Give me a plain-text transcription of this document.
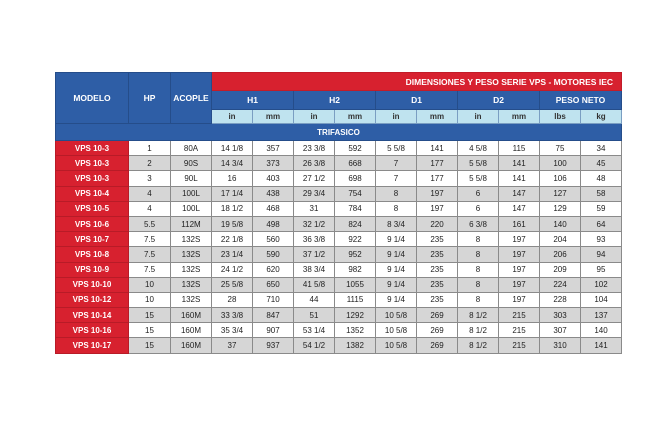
MODELO	HP	ACOPLE	DIMENSIONES Y PESO SERIE VPS - MOTORES IEC									
			H1		H2		D1		D2		PESO NETO	
			in	mm	in	mm	in	mm	in	mm	lbs	kg
TRIFASICO												
VPS 10-3	1	80A	14 1/8	357	23 3/8	592	5 5/8	141	4 5/8	115	75	34
VPS 10-3	2	90S	14 3/4	373	26 3/8	668	7	177	5 5/8	141	100	45
VPS 10-3	3	90L	16	403	27 1/2	698	7	177	5 5/8	141	106	48
VPS 10-4	4	100L	17 1/4	438	29 3/4	754	8	197	6	147	127	58
VPS 10-5	4	100L	18 1/2	468	31	784	8	197	6	147	129	59
VPS 10-6	5.5	112M	19 5/8	498	32 1/2	824	8 3/4	220	6 3/8	161	140	64
VPS 10-7	7.5	132S	22 1/8	560	36 3/8	922	9 1/4	235	8	197	204	93
VPS 10-8	7.5	132S	23 1/4	590	37 1/2	952	9 1/4	235	8	197	206	94
VPS 10-9	7.5	132S	24 1/2	620	38 3/4	982	9 1/4	235	8	197	209	95
VPS 10-10	10	132S	25 5/8	650	41 5/8	1055	9 1/4	235	8	197	224	102
VPS 10-12	10	132S	28	710	44	1115	9 1/4	235	8	197	228	104
VPS 10-14	15	160M	33 3/8	847	51	1292	10 5/8	269	8 1/2	215	303	137
VPS 10-16	15	160M	35 3/4	907	53 1/4	1352	10 5/8	269	8 1/2	215	307	140
VPS 10-17	15	160M	37	937	54 1/2	1382	10 5/8	269	8 1/2	215	310	141
